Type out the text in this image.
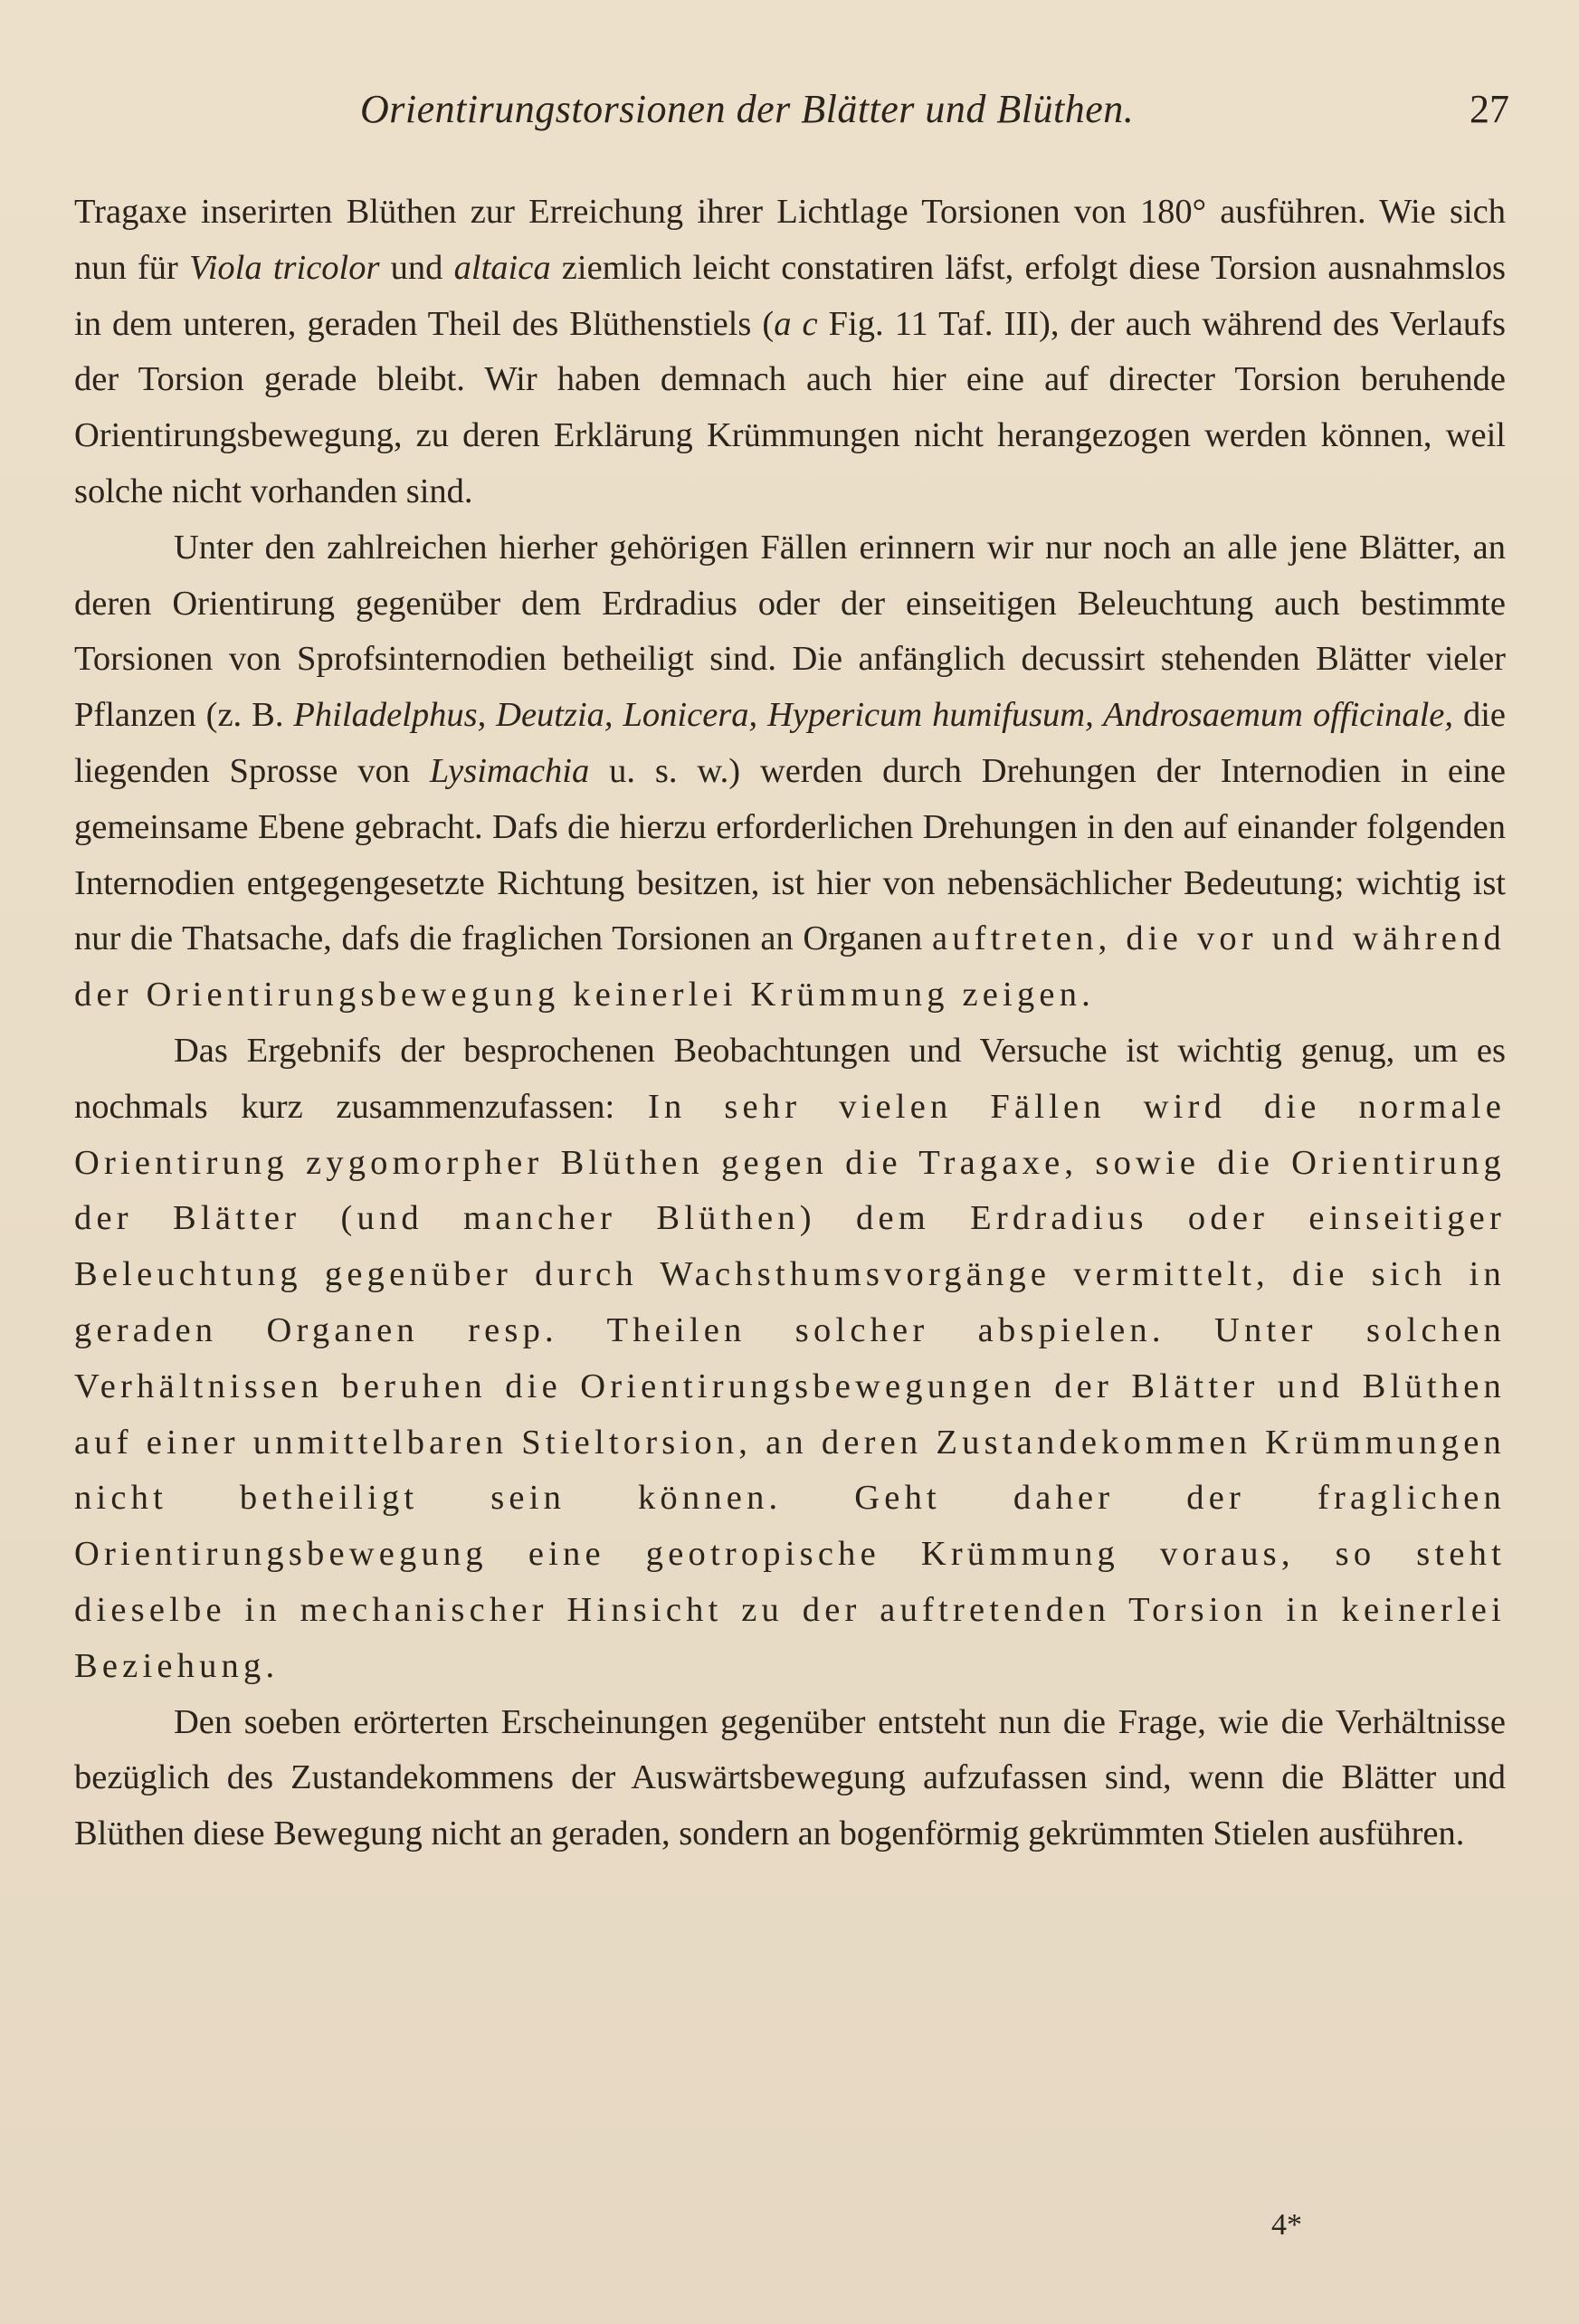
Orientirungstorsionen der Blätter und Blüthen.	27

Tragaxe inserirten Blüthen zur Erreichung ihrer Lichtlage Torsionen von 180° ausführen. Wie sich nun für Viola tricolor und altaica ziemlich leicht constatiren läfst, erfolgt diese Torsion ausnahmslos in dem unteren, geraden Theil des Blüthenstiels (a c Fig. 11 Taf. III), der auch während des Verlaufs der Torsion gerade bleibt. Wir haben demnach auch hier eine auf directer Torsion beruhende Orientirungsbewegung, zu deren Erklärung Krümmungen nicht herangezogen werden können, weil solche nicht vorhanden sind.

Unter den zahlreichen hierher gehörigen Fällen erinnern wir nur noch an alle jene Blätter, an deren Orientirung gegenüber dem Erdradius oder der einseitigen Beleuchtung auch bestimmte Torsionen von Sprofsinternodien betheiligt sind. Die anfänglich decussirt stehenden Blätter vieler Pflanzen (z. B. Philadelphus, Deutzia, Lonicera, Hypericum humifusum, Androsaemum officinale, die liegenden Sprosse von Lysimachia u. s. w.) werden durch Drehungen der Internodien in eine gemeinsame Ebene gebracht. Dafs die hierzu erforderlichen Drehungen in den auf einander folgenden Internodien entgegengesetzte Richtung besitzen, ist hier von nebensächlicher Bedeutung; wichtig ist nur die Thatsache, dafs die fraglichen Torsionen an Organen auftreten, die vor und während der Orientirungsbewegung keinerlei Krümmung zeigen.

Das Ergebnifs der besprochenen Beobachtungen und Versuche ist wichtig genug, um es nochmals kurz zusammenzufassen: In sehr vielen Fällen wird die normale Orientirung zygomorpher Blüthen gegen die Tragaxe, sowie die Orientirung der Blätter (und mancher Blüthen) dem Erdradius oder einseitiger Beleuchtung gegenüber durch Wachsthumsvorgänge vermittelt, die sich in geraden Organen resp. Theilen solcher abspielen. Unter solchen Verhältnissen beruhen die Orientirungsbewegungen der Blätter und Blüthen auf einer unmittelbaren Stieltorsion, an deren Zustandekommen Krümmungen nicht betheiligt sein können. Geht daher der fraglichen Orientirungsbewegung eine geotropische Krümmung voraus, so steht dieselbe in mechanischer Hinsicht zu der auftretenden Torsion in keinerlei Beziehung.

Den soeben erörterten Erscheinungen gegenüber entsteht nun die Frage, wie die Verhältnisse bezüglich des Zustandekommens der Auswärtsbewegung aufzufassen sind, wenn die Blätter und Blüthen diese Bewegung nicht an geraden, sondern an bogenförmig gekrümmten Stielen ausführen.

4*
